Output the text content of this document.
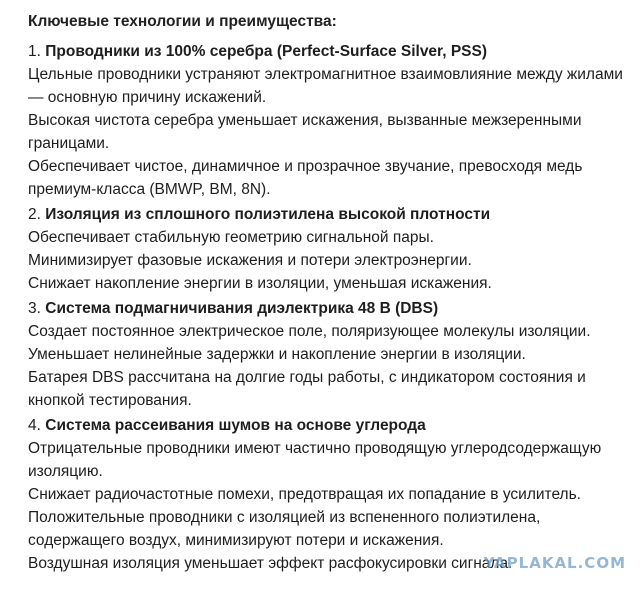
Ключевые технологии и преимущества:

1. Проводники из 100% серебра (Perfect-Surface Silver, PSS)

Цельные проводники устраняют электромагнитное взаимовлияние между жилами — основную причину искажений.

Высокая чистота серебра уменьшает искажения, вызванные межзеренными границами.

Обеспечивает чистое, динамичное и прозрачное звучание, превосходя медь премиум-класса (BMWP, BM, 8N).

2. Изоляция из сплошного полиэтилена высокой плотности

Обеспечивает стабильную геометрию сигнальной пары.

Минимизирует фазовые искажения и потери электроэнергии.

Снижает накопление энергии в изоляции, уменьшая искажения.

3. Система подмагничивания диэлектрика 48 В (DBS)

Создает постоянное электрическое поле, поляризующее молекулы изоляции.

Уменьшает нелинейные задержки и накопление энергии в изоляции.

Батарея DBS рассчитана на долгие годы работы, с индикатором состояния и кнопкой тестирования.

4. Система рассеивания шумов на основе углерода

Отрицательные проводники имеют частично проводящую углеродсодержащую изоляцию.

Снижает радиочастотные помехи, предотвращая их попадание в усилитель.

Положительные проводники с изоляцией из вспененного полиэтилена, содержащего воздух, минимизируют потери и искажения.

Воздушная изоляция уменьшает эффект расфокусировки сигнала.

YAPLAKAL.COM
